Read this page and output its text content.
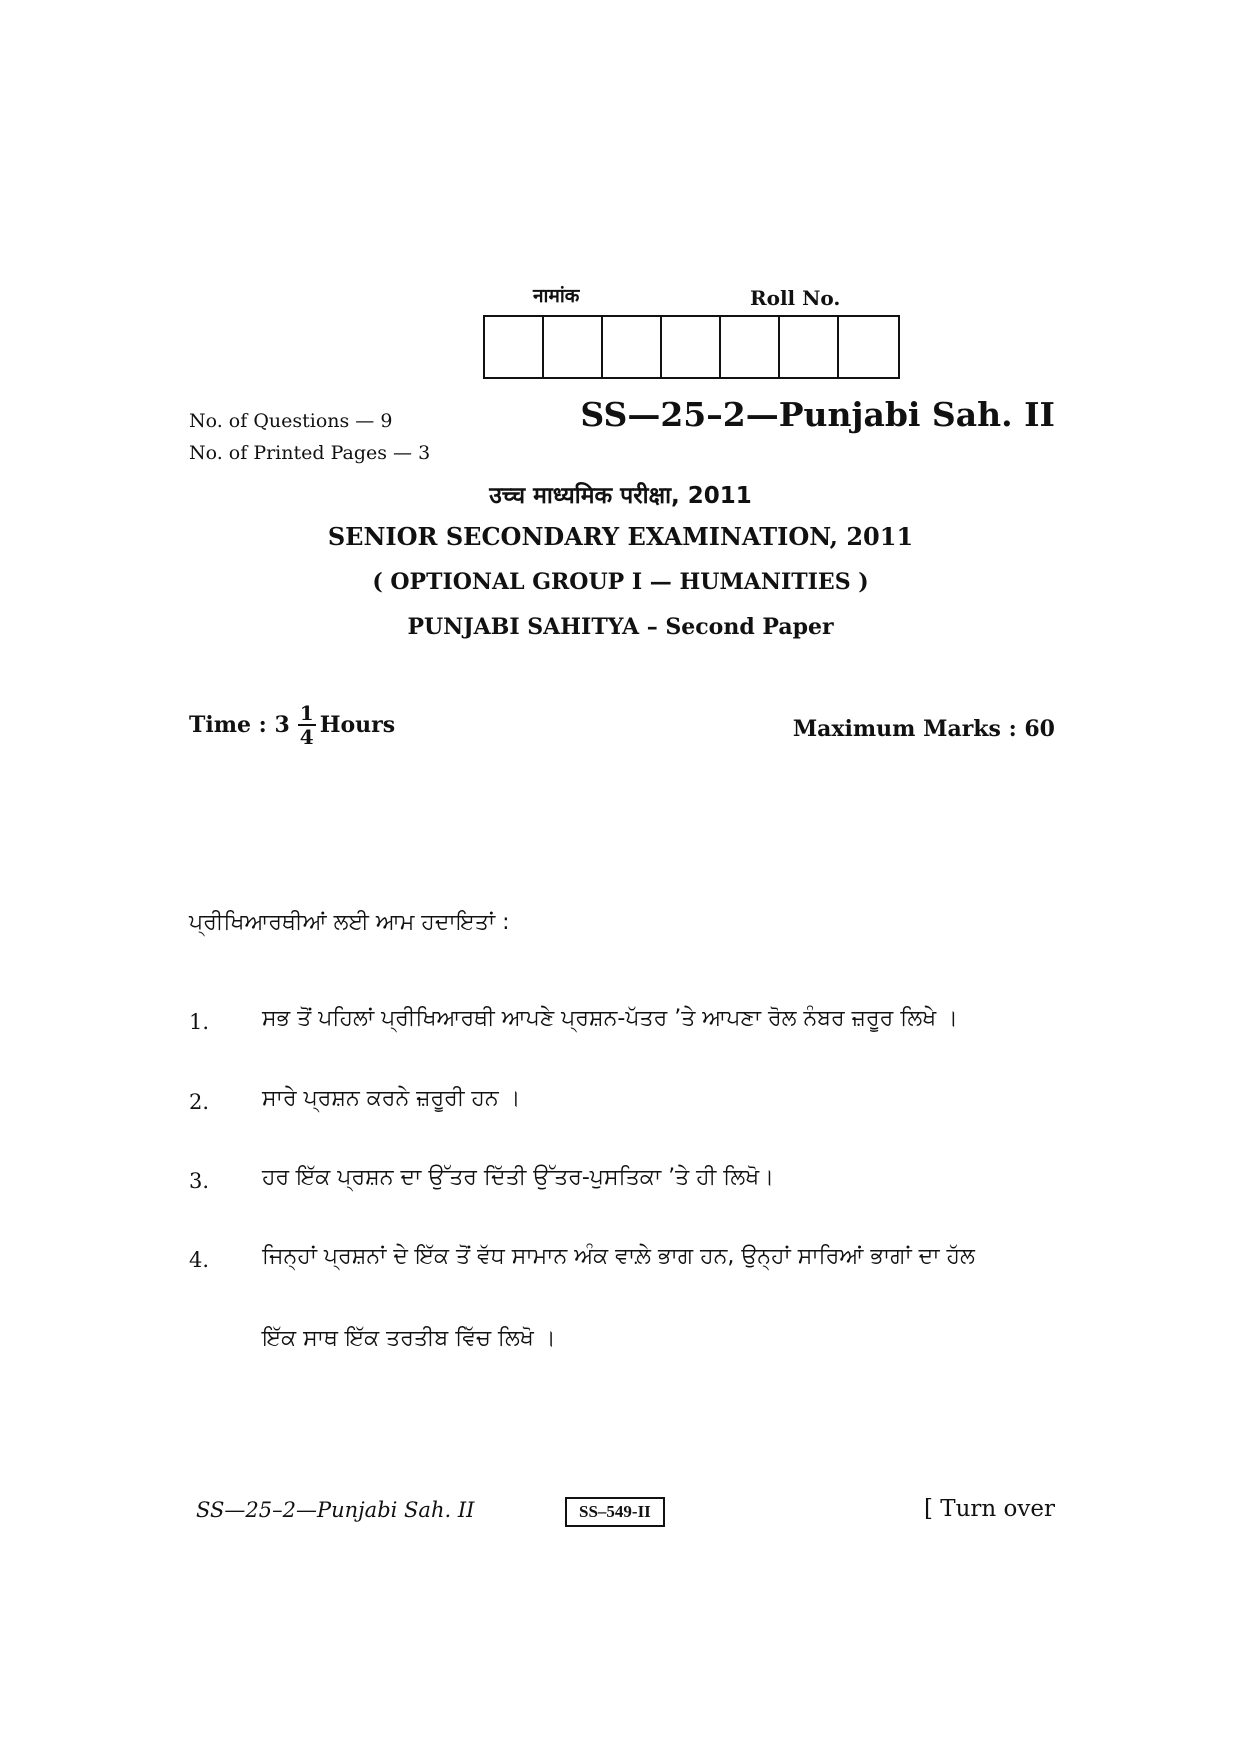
नामांक	Roll No.
No. of Questions — 9
No. of Printed Pages — 3
SS—25–2—Punjabi Sah. II
उच्च माध्यमिक परीक्षा, 2011
SENIOR SECONDARY EXAMINATION, 2011
( OPTIONAL GROUP I — HUMANITIES )
PUNJABI SAHITYA – Second Paper
Time : $3 \frac{1}{4}$ Hours	Maximum Marks : 60
ਪ੍ਰੀਖਿਆਰਥੀਆਂ ਲਈ ਆਮ ਹਦਾਇਤਾਂ :
1. ਸਭ ਤੋਂ ਪਹਿਲਾਂ ਪ੍ਰੀਖਿਆਰਥੀ ਆਪਣੇ ਪ੍ਰਸ਼ਨ-ਪੱਤਰ ’ਤੇ ਆਪਣਾ ਰੋਲ ਨੰਬਰ ਜ਼ਰੂਰ ਲਿਖੇ ।
2. ਸਾਰੇ ਪ੍ਰਸ਼ਨ ਕਰਨੇ ਜ਼ਰੂਰੀ ਹਨ ।
3. ਹਰ ਇੱਕ ਪ੍ਰਸ਼ਨ ਦਾ ਉੱਤਰ ਦਿੱਤੀ ਉੱਤਰ-ਪੁਸਤਿਕਾ ’ਤੇ ਹੀ ਲਿਖੋ।
4. ਜਿਨ੍ਹਾਂ ਪ੍ਰਸ਼ਨਾਂ ਦੇ ਇੱਕ ਤੋਂ ਵੱਧ ਸਾਮਾਨ ਅੰਕ ਵਾਲ਼ੇ ਭਾਗ ਹਨ, ਉਨ੍ਹਾਂ ਸਾਰਿਆਂ ਭਾਗਾਂ ਦਾ ਹੱਲ
ਇੱਕ ਸਾਥ ਇੱਕ ਤਰਤੀਬ ਵਿੱਚ ਲਿਖੋ ।
SS—25–2—Punjabi Sah. II	SS–549-II	[ Turn over
